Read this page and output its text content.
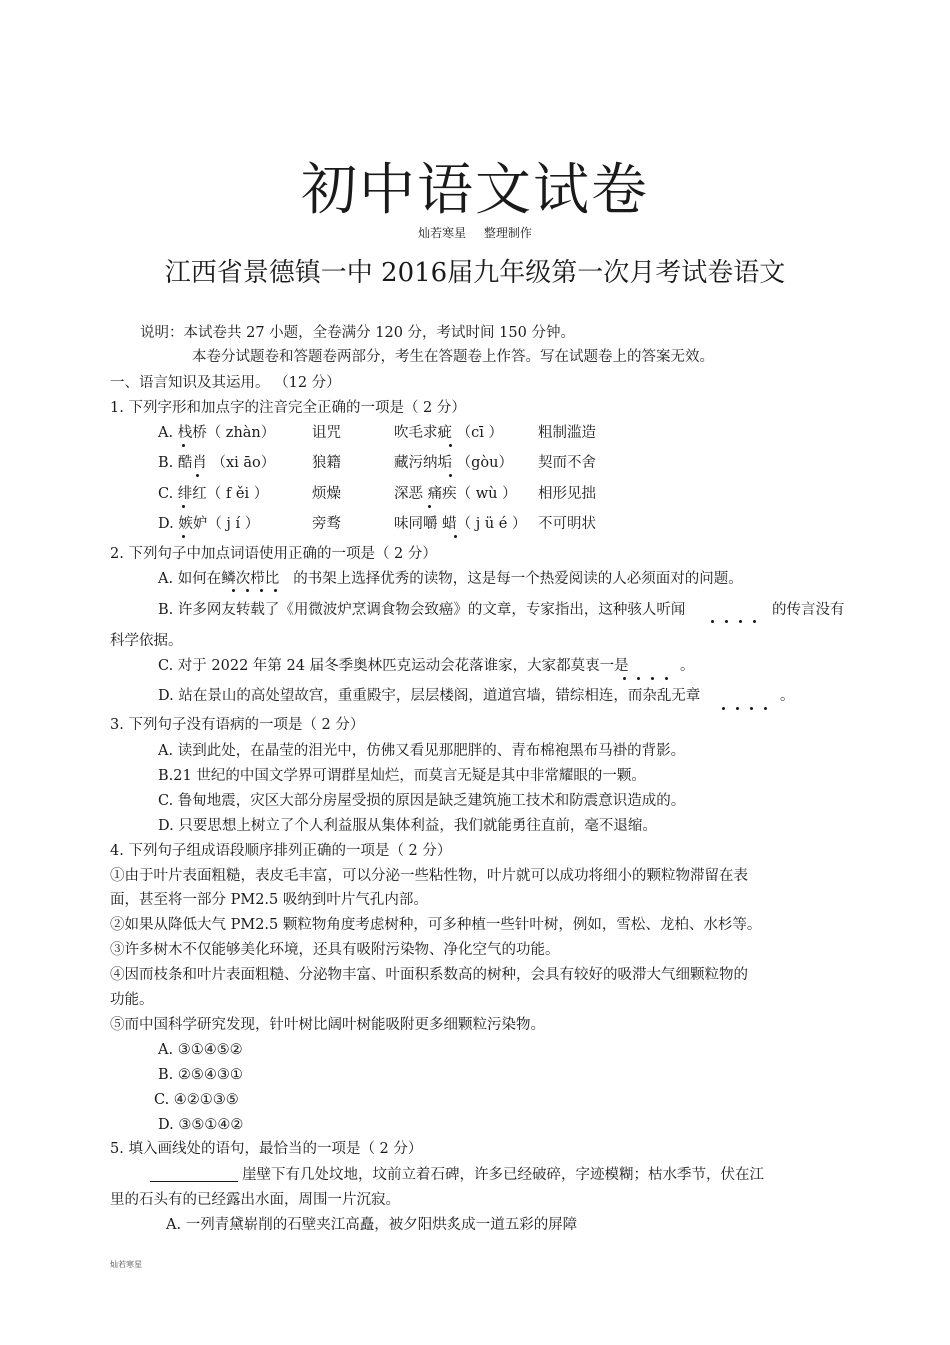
初中语文试卷
灿若寒星 整理制作
江西省景德镇一中 2016届九年级第一次月考试卷语文
说明：本试卷共 27 小题，全卷满分 120 分，考试时间 150 分钟。
本卷分试题卷和答题卷两部分，考生在答题卷上作答。写在试题卷上的答案无效。
一、语言知识及其运用。 （12 分）
1. 下列字形和加点字的注音完全正确的一项是（ 2 分）
A. 栈桥（ zhàn）	诅咒	吹毛求疵 （cī ） 粗制滥造
B. 酷肖 （xi āo）	狼籍	藏污纳垢 （gòu） 契而不舍
C. 绯红（ f ěi ）	烦燥	深恶 痛疾（ wù ） 相形见拙
D. 嫉妒（ j í ）	旁骛	味同嚼 蜡（ j ü é ） 不可明状
2. 下列句子中加点词语使用正确的一项是（ 2 分）
A. 如何在鳞次栉比 的书架上选择优秀的读物，这是每一个热爱阅读的人必须面对的问题。
B. 许多网友转载了《用微波炉烹调食物会致癌》的文章，专家指出，这种骇人听闻	的传言没有
科学依据。
C. 对于 2022 年第 24 届冬季奥林匹克运动会花落谁家，大家都莫衷一是	。
D. 站在景山的高处望故宫，重重殿宇，层层楼阁，道道宫墙，错综相连，而杂乱无章	。
3. 下列句子没有语病的一项是（ 2 分）
A. 读到此处，在晶莹的泪光中，仿佛又看见那肥胖的、青布棉袍黑布马褂的背影。
B.21 世纪的中国文学界可谓群星灿烂，而莫言无疑是其中非常耀眼的一颗。
C. 鲁甸地震，灾区大部分房屋受损的原因是缺乏建筑施工技术和防震意识造成的。
D. 只要思想上树立了个人利益服从集体利益，我们就能勇往直前，毫不退缩。
4. 下列句子组成语段顺序排列正确的一项是（ 2 分）
①由于叶片表面粗糙，表皮毛丰富，可以分泌一些粘性物，叶片就可以成功将细小的颗粒物滞留在表
面，甚至将一部分 PM2.5 吸纳到叶片气孔内部。
②如果从降低大气 PM2.5 颗粒物角度考虑树种，可多种植一些针叶树，例如，雪松、龙柏、水杉等。
③许多树木不仅能够美化环境，还具有吸附污染物、净化空气的功能。
④因而枝条和叶片表面粗糙、分泌物丰富、叶面积系数高的树种，会具有较好的吸滞大气细颗粒物的
功能。
⑤而中国科学研究发现，针叶树比阔叶树能吸附更多细颗粒污染物。
A. ③①④⑤②
B. ②⑤④③①
C. ④②①③⑤
D. ③⑤①④②
5. 填入画线处的语句，最恰当的一项是（ 2 分）
崖壁下有几处坟地，坟前立着石碑，许多已经破碎，字迹模糊；枯水季节，伏在江
里的石头有的已经露出水面，周围一片沉寂。
A. 一列青黛崭削的石壁夹江高矗，被夕阳烘炙成一道五彩的屏障
灿若寒星
